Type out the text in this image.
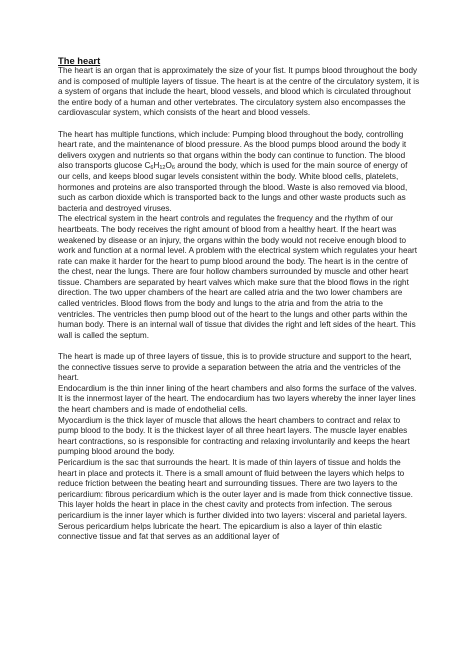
The heart

The heart is an organ that is approximately the size of your fist. It pumps blood throughout the body and is composed of multiple layers of tissue. The heart is at the centre of the circulatory system, it is a system of organs that include the heart, blood vessels, and blood which is circulated throughout the entire body of a human and other vertebrates. The circulatory system also encompasses the cardiovascular system, which consists of the heart and blood vessels.

The heart has multiple functions, which include: Pumping blood throughout the body, controlling heart rate, and the maintenance of blood pressure. As the blood pumps blood around the body it delivers oxygen and nutrients so that organs within the body can continue to function. The blood also transports glucose $C_6H_{12}O_6$ around the body, which is used for the main source of energy of our cells, and keeps blood sugar levels consistent within the body. White blood cells, platelets, hormones and proteins are also transported through the blood. Waste is also removed via blood, such as carbon dioxide which is transported back to the lungs and other waste products such as bacteria and destroyed viruses.

The electrical system in the heart controls and regulates the frequency and the rhythm of our heartbeats. The body receives the right amount of blood from a healthy heart. If the heart was weakened by disease or an injury, the organs within the body would not receive enough blood to work and function at a normal level. A problem with the electrical system which regulates your heart rate can make it harder for the heart to pump blood around the body. The heart is in the centre of the chest, near the lungs. There are four hollow chambers surrounded by muscle and other heart tissue. Chambers are separated by heart valves which make sure that the blood flows in the right direction. The two upper chambers of the heart are called atria and the two lower chambers are called ventricles. Blood flows from the body and lungs to the atria and from the atria to the ventricles. The ventricles then pump blood out of the heart to the lungs and other parts within the human body. There is an internal wall of tissue that divides the right and left sides of the heart. This wall is called the septum.

The heart is made up of three layers of tissue, this is to provide structure and support to the heart, the connective tissues serve to provide a separation between the atria and the ventricles of the heart.

Endocardium is the thin inner lining of the heart chambers and also forms the surface of the valves. It is the innermost layer of the heart. The endocardium has two layers whereby the inner layer lines the heart chambers and is made of endothelial cells.

Myocardium is the thick layer of muscle that allows the heart chambers to contract and relax to pump blood to the body. It is the thickest layer of all three heart layers. The muscle layer enables heart contractions, so is responsible for contracting and relaxing involuntarily and keeps the heart pumping blood around the body.

Pericardium is the sac that surrounds the heart. It is made of thin layers of tissue and holds the heart in place and protects it. There is a small amount of fluid between the layers which helps to reduce friction between the beating heart and surrounding tissues. There are two layers to the pericardium: fibrous pericardium which is the outer layer and is made from thick connective tissue. This layer holds the heart in place in the chest cavity and protects from infection. The serous pericardium is the inner layer which is further divided into two layers: visceral and parietal layers. Serous pericardium helps lubricate the heart. The epicardium is also a layer of thin elastic connective tissue and fat that serves as an additional layer of
